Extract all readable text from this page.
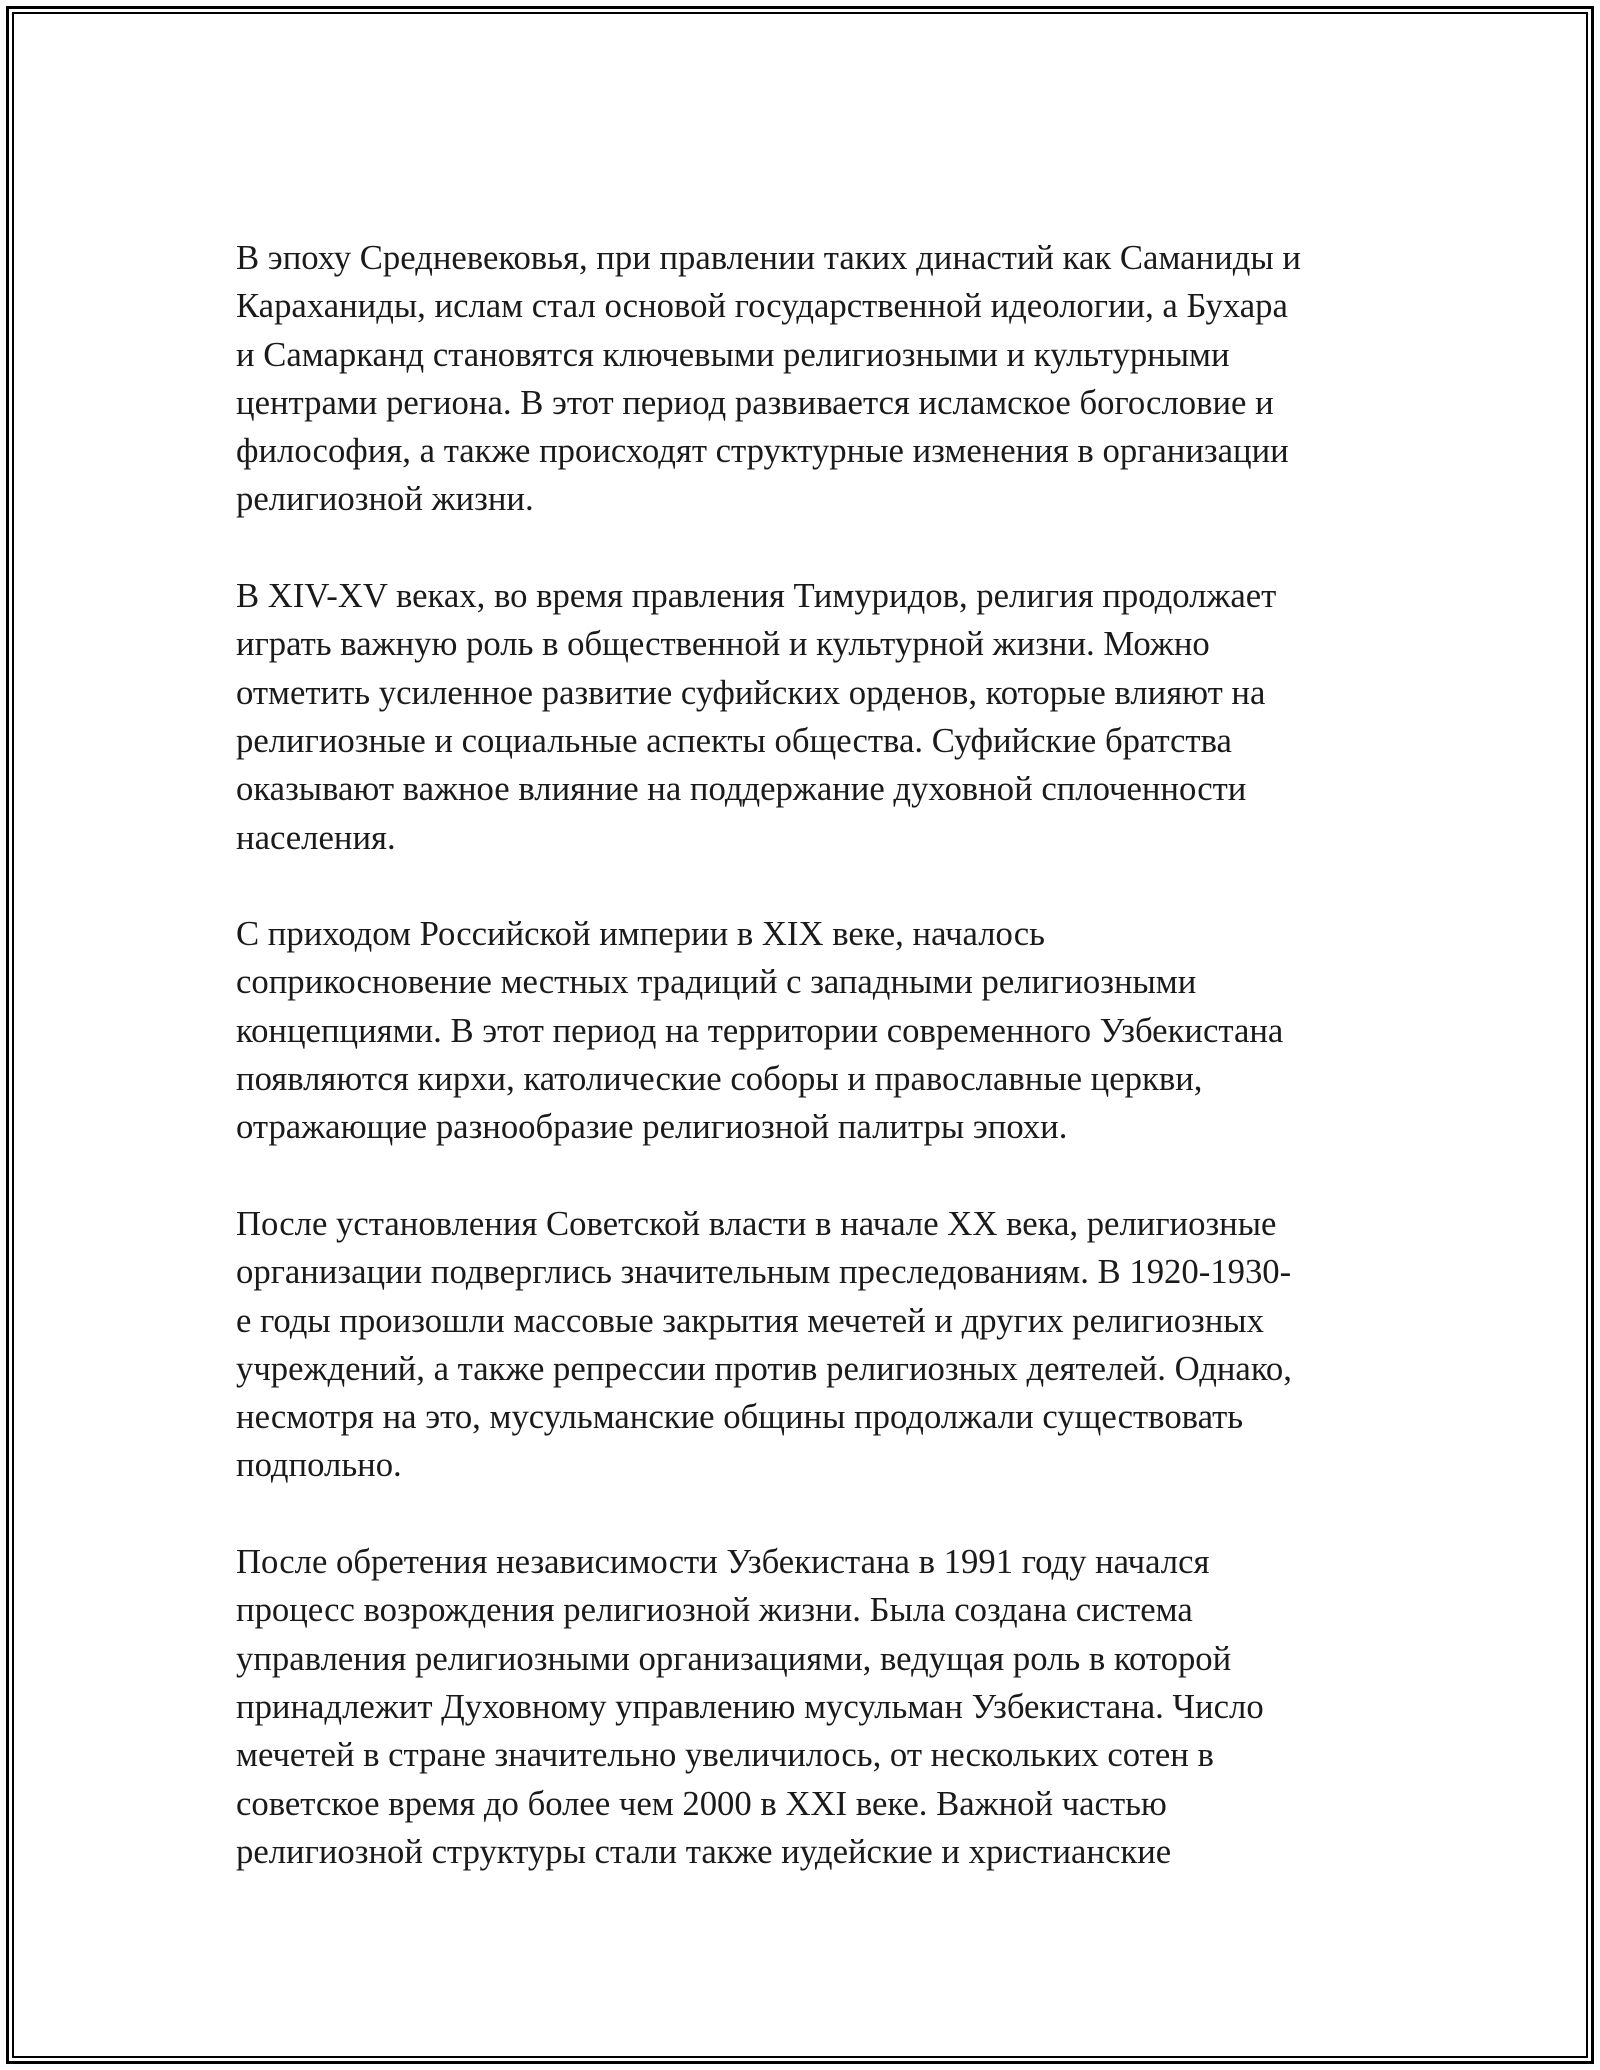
В эпоху Средневековья, при правлении таких династий как Саманиды и
Караханиды, ислам стал основой государственной идеологии, а Бухара
и Самарканд становятся ключевыми религиозными и культурными
центрами региона. В этот период развивается исламское богословие и
философия, а также происходят структурные изменения в организации
религиозной жизни.

В XIV-XV веках, во время правления Тимуридов, религия продолжает
играть важную роль в общественной и культурной жизни. Можно
отметить усиленное развитие суфийских орденов, которые влияют на
религиозные и социальные аспекты общества. Суфийские братства
оказывают важное влияние на поддержание духовной сплоченности
населения.

С приходом Российской империи в XIX веке, началось
соприкосновение местных традиций с западными религиозными
концепциями. В этот период на территории современного Узбекистана
появляются кирхи, католические соборы и православные церкви,
отражающие разнообразие религиозной палитры эпохи.

После установления Советской власти в начале XX века, религиозные
организации подверглись значительным преследованиям. В 1920-1930-
е годы произошли массовые закрытия мечетей и других религиозных
учреждений, а также репрессии против религиозных деятелей. Однако,
несмотря на это, мусульманские общины продолжали существовать
подпольно.

После обретения независимости Узбекистана в 1991 году начался
процесс возрождения религиозной жизни. Была создана система
управления религиозными организациями, ведущая роль в которой
принадлежит Духовному управлению мусульман Узбекистана. Число
мечетей в стране значительно увеличилось, от нескольких сотен в
советское время до более чем 2000 в XXI веке. Важной частью
религиозной структуры стали также иудейские и христианские
